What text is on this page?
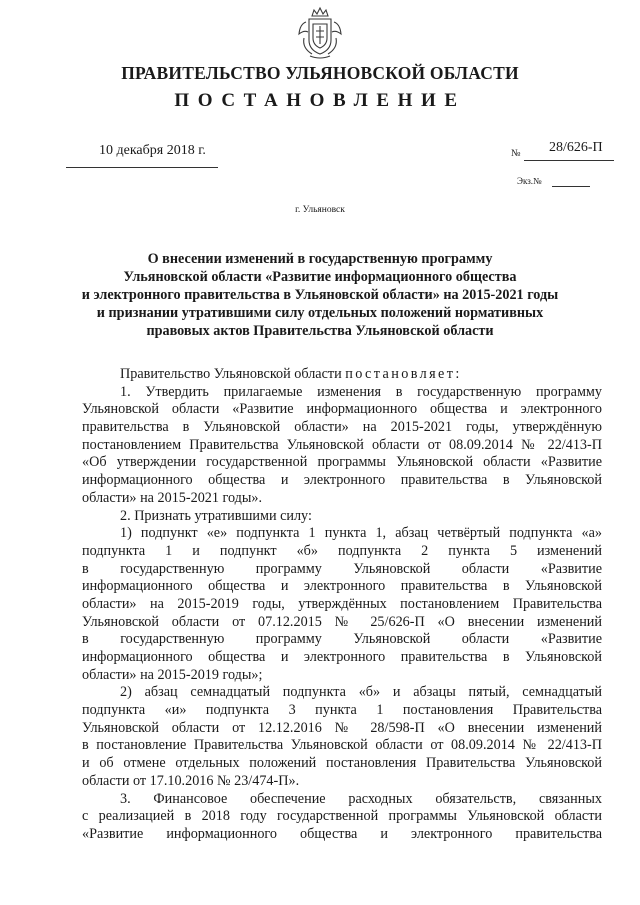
ПРАВИТЕЛЬСТВО УЛЬЯНОВСКОЙ ОБЛАСТИ
ПОСТАНОВЛЕНИЕ
10 декабря 2018 г.	№ 28/626-П
Экз.№
г. Ульяновск
О внесении изменений в государственную программу
Ульяновской области «Развитие информационного общества
и электронного правительства в Ульяновской области» на 2015-2021 годы
и признании утратившими силу отдельных положений нормативных
правовых актов Правительства Ульяновской области
Правительство Ульяновской области постановляет:
1. Утвердить прилагаемые изменения в государственную программу
Ульяновской области «Развитие информационного общества и электронного
правительства в Ульяновской области» на 2015-2021 годы, утверждённую
постановлением Правительства Ульяновской области от 08.09.2014 № 22/413-П
«Об утверждении государственной программы Ульяновской области «Развитие
информационного общества и электронного правительства в Ульяновской
области» на 2015-2021 годы».
2. Признать утратившими силу:
1) подпункт «е» подпункта 1 пункта 1, абзац четвёртый подпункта «а»
подпункта 1 и подпункт «б» подпункта 2 пункта 5 изменений
в государственную программу Ульяновской области «Развитие
информационного общества и электронного правительства в Ульяновской
области» на 2015-2019 годы, утверждённых постановлением Правительства
Ульяновской области от 07.12.2015 № 25/626-П «О внесении изменений
в государственную программу Ульяновской области «Развитие
информационного общества и электронного правительства в Ульяновской
области» на 2015-2019 годы»;
2) абзац семнадцатый подпункта «б» и абзацы пятый, семнадцатый
подпункта «и» подпункта 3 пункта 1 постановления Правительства
Ульяновской области от 12.12.2016 № 28/598-П «О внесении изменений
в постановление Правительства Ульяновской области от 08.09.2014 № 22/413-П
и об отмене отдельных положений постановления Правительства Ульяновской
области от 17.10.2016 № 23/474-П».
3. Финансовое обеспечение расходных обязательств, связанных
с реализацией в 2018 году государственной программы Ульяновской области
«Развитие информационного общества и электронного правительства
